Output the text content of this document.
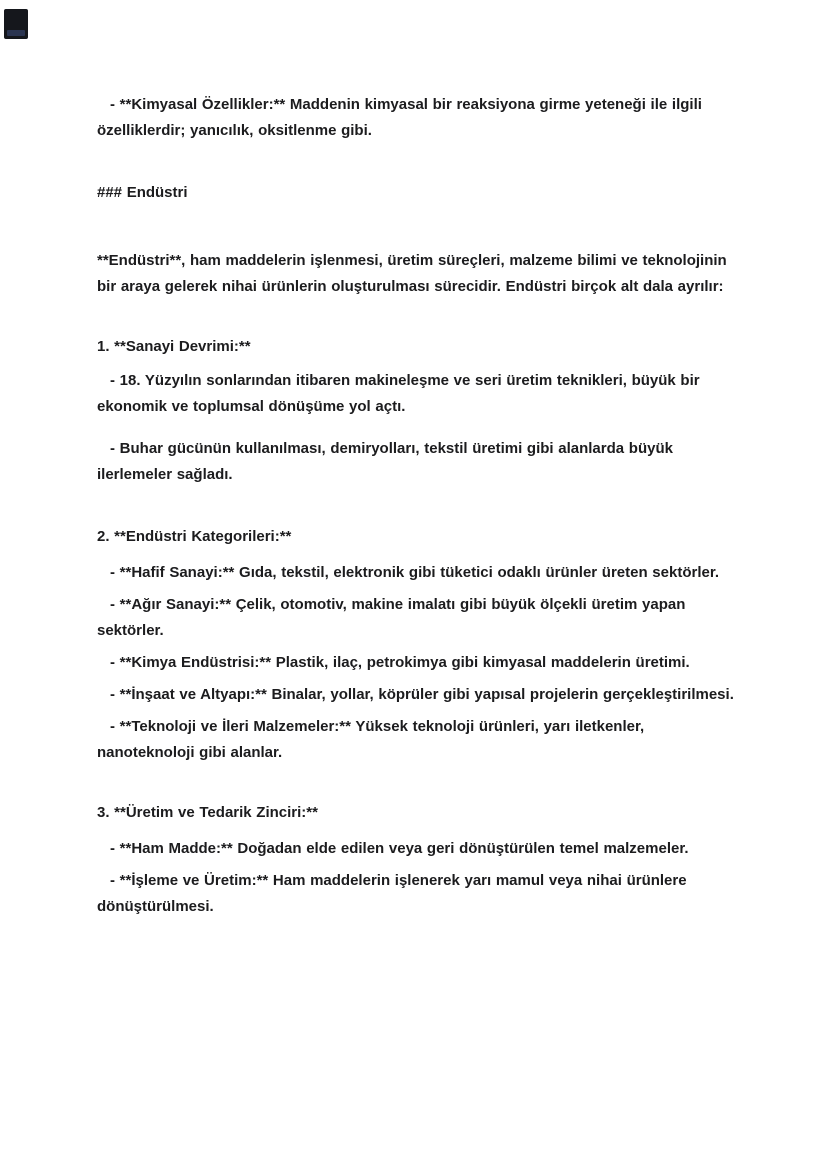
- **Kimyasal Özellikler:** Maddenin kimyasal bir reaksiyona girme yeteneği ile ilgili özelliklerdir; yanıcılık, oksitlenme gibi.
### Endüstri
**Endüstri**, ham maddelerin işlenmesi, üretim süreçleri, malzeme bilimi ve teknolojinin bir araya gelerek nihai ürünlerin oluşturulması sürecidir. Endüstri birçok alt dala ayrılır:
1. **Sanayi Devrimi:**
- 18. Yüzyılın sonlarından itibaren makineleşme ve seri üretim teknikleri, büyük bir ekonomik ve toplumsal dönüşüme yol açtı.
- Buhar gücünün kullanılması, demiryolları, tekstil üretimi gibi alanlarda büyük ilerlemeler sağladı.
2. **Endüstri Kategorileri:**
- **Hafif Sanayi:** Gıda, tekstil, elektronik gibi tüketici odaklı ürünler üreten sektörler.
- **Ağır Sanayi:** Çelik, otomotiv, makine imalatı gibi büyük ölçekli üretim yapan sektörler.
- **Kimya Endüstrisi:** Plastik, ilaç, petrokimya gibi kimyasal maddelerin üretimi.
- **İnşaat ve Altyapı:** Binalar, yollar, köprüler gibi yapısal projelerin gerçekleştirilmesi.
- **Teknoloji ve İleri Malzemeler:** Yüksek teknoloji ürünleri, yarı iletkenler, nanoteknoloji gibi alanlar.
3. **Üretim ve Tedarik Zinciri:**
- **Ham Madde:** Doğadan elde edilen veya geri dönüştürülen temel malzemeler.
- **İşleme ve Üretim:** Ham maddelerin işlenerek yarı mamul veya nihai ürünlere dönüştürülmesi.
